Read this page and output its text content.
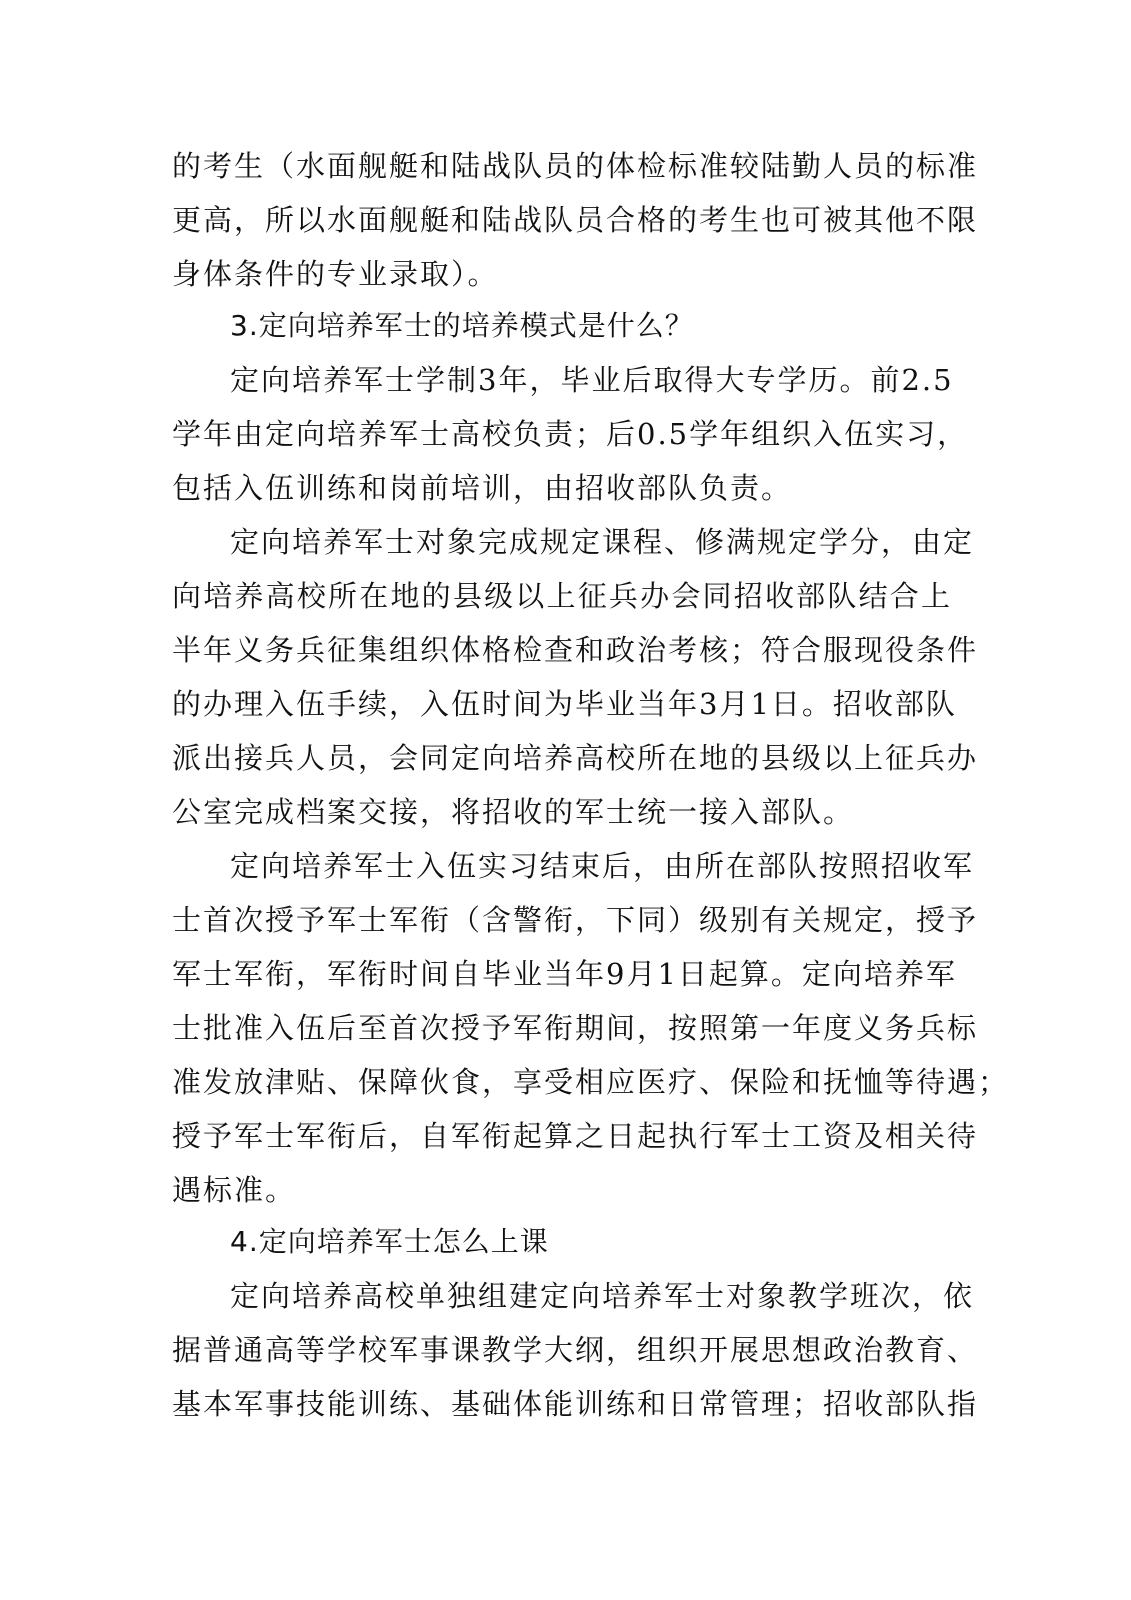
的考生（水面舰艇和陆战队员的体检标准较陆勤人员的标准
更高，所以水面舰艇和陆战队员合格的考生也可被其他不限
身体条件的专业录取）。
3.定向培养军士的培养模式是什么？
定向培养军士学制3年，毕业后取得大专学历。前2.5
学年由定向培养军士高校负责；后0.5学年组织入伍实习，
包括入伍训练和岗前培训，由招收部队负责。
定向培养军士对象完成规定课程、修满规定学分，由定
向培养高校所在地的县级以上征兵办会同招收部队结合上
半年义务兵征集组织体格检查和政治考核；符合服现役条件
的办理入伍手续，入伍时间为毕业当年3月1日。招收部队
派出接兵人员，会同定向培养高校所在地的县级以上征兵办
公室完成档案交接，将招收的军士统一接入部队。
定向培养军士入伍实习结束后，由所在部队按照招收军
士首次授予军士军衔（含警衔，下同）级别有关规定，授予
军士军衔，军衔时间自毕业当年9月1日起算。定向培养军
士批准入伍后至首次授予军衔期间，按照第一年度义务兵标
准发放津贴、保障伙食，享受相应医疗、保险和抚恤等待遇；
授予军士军衔后，自军衔起算之日起执行军士工资及相关待
遇标准。
4.定向培养军士怎么上课
定向培养高校单独组建定向培养军士对象教学班次，依
据普通高等学校军事课教学大纲，组织开展思想政治教育、
基本军事技能训练、基础体能训练和日常管理；招收部队指
